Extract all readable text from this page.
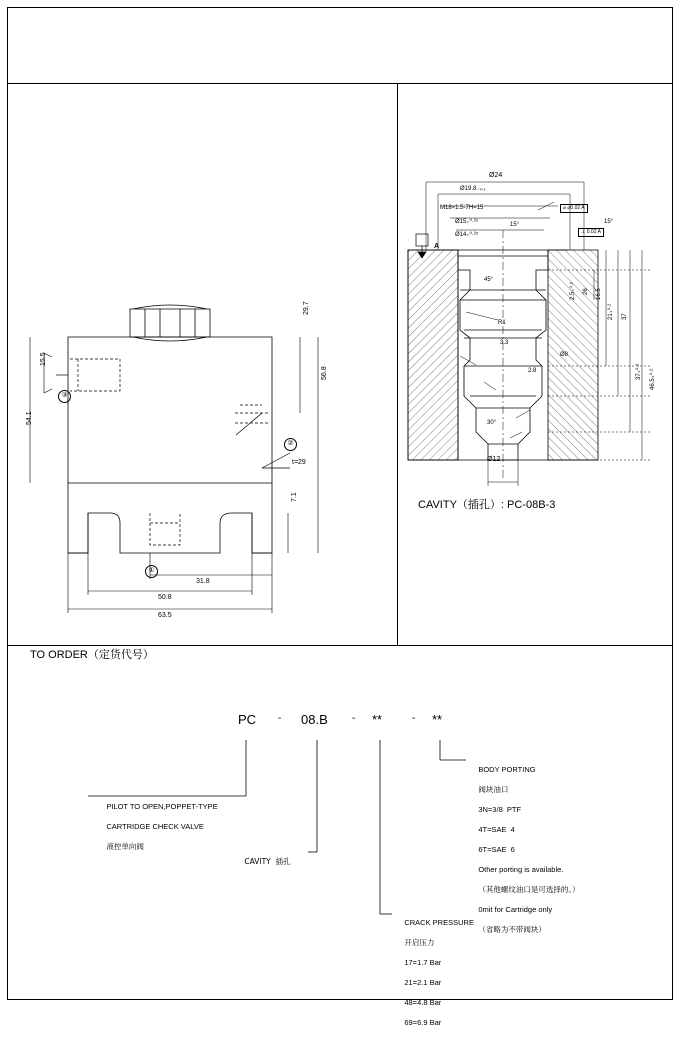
15.5
54.1
63.5
50.8
31.8
29.7
56.8
7.1
t=29
③
②
①
Ø24
Ø19.8₋₀.₁
M18×1.5-7H=15
Ø15₊⁰·²⁵
Ø14₊⁰·²⁵
⌀ ⌀0.02 A
⊥ 0.02 A
A
15°	15°
45°
30°
Ø12
3.3
R1
2.8
2.5₊⁰·² 26 16.5
21₊⁰·² 37
37₊⁰·² 46.5₊⁰·²
Ø8
CAVITY（插孔）: PC-08B-3
TO ORDER（定货代号）
PC - 08.B - **	- **

PILOT TO OPEN,POPPET-TYPE

CARTRIDGE CHECK VALVE

液控单向阀

CAVITY  插孔

BODY PORTING

阀块油口

3N=3/8  PTF

4T=SAE  4

6T=SAE  6

Other porting is available.

（其他螺纹油口是可选择的。）

0mit for Cartridge only

（省略为不带阀块）

CRACK PRESSURE

开启压力

17=1.7 Bar

21=2.1 Bar

48=4.8 Bar

69=6.9 Bar
